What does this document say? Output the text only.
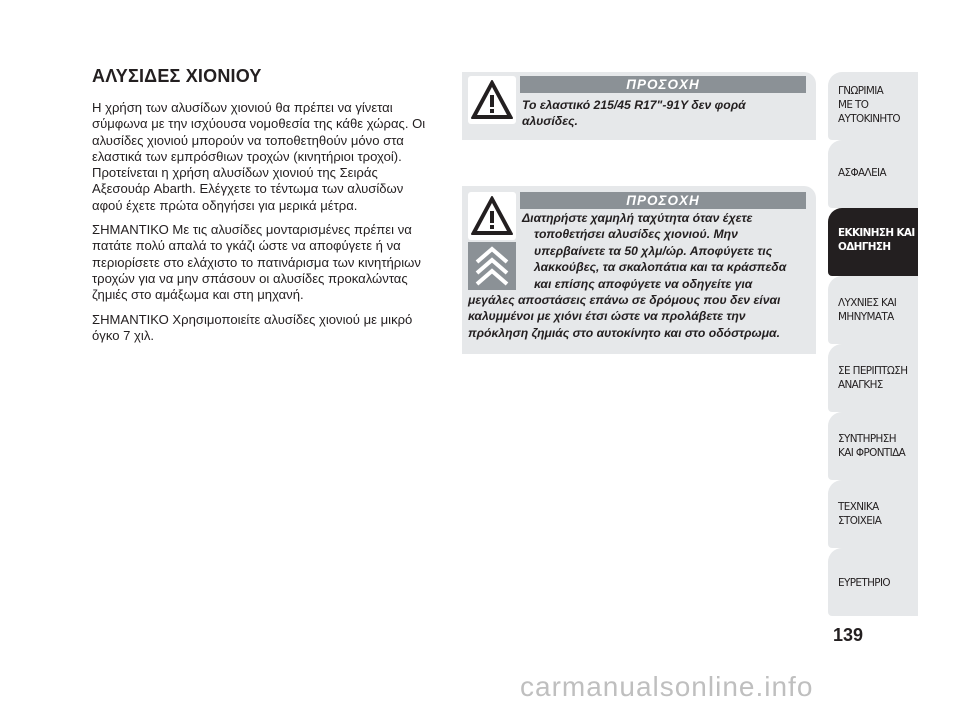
ΑΛΥΣΙΔΕΣ ΧΙΟΝΙΟΥ

Η χρήση των αλυσίδων χιονιού θα πρέπει να γίνεται σύμφωνα με την ισχύουσα νομοθεσία της κάθε χώρας. Οι αλυσίδες χιονιού μπορούν να τοποθετηθούν μόνο στα ελαστικά των εμπρόσθιων τροχών (κινητήριοι τροχοί). Προτείνεται η χρήση αλυσίδων χιονιού της Σειράς Αξεσουάρ Abarth. Ελέγχετε το τέντωμα των αλυσίδων αφού έχετε πρώτα οδηγήσει για μερικά μέτρα.

ΣΗΜΑΝΤΙΚΟ Με τις αλυσίδες μονταρισμένες πρέπει να πατάτε πολύ απαλά το γκάζι ώστε να αποφύγετε ή να περιορίσετε στο ελάχιστο το πατινάρισμα των κινητήριων τροχών για να μην σπάσουν οι αλυσίδες προκαλώντας ζημιές στο αμάξωμα και στη μηχανή.

ΣΗΜΑΝΤΙΚΟ Χρησιμοποιείτε αλυσίδες χιονιού με μικρό όγκο 7 χιλ.

ΠΡΟΣΟΧΗ
Το ελαστικό 215/45 R17"-91Y δεν φορά
αλυσίδες.
ΠΡΟΣΟΧΗ
Διατηρήστε χαμηλή ταχύτητα όταν έχετε
τοποθετήσει αλυσίδες χιονιού. Μην
υπερβαίνετε τα 50 χλμ/ώρ. Αποφύγετε τις
λακκούβες, τα σκαλοπάτια και τα κράσπεδα
και επίσης αποφύγετε να οδηγείτε για
μεγάλες αποστάσεις επάνω σε δρόμους που δεν είναι
καλυμμένοι με χιόνι έτσι ώστε να προλάβετε την
πρόκληση ζημιάς στο αυτοκίνητο και στο οδόστρωμα.
ΓΝΩΡΙΜΙΑ
ΜΕ ΤΟ
ΑΥΤΟΚΙΝΗΤΟ
ΑΣΦΑΛΕΙΑ
ΕΚΚΙΝΗΣΗ ΚΑΙ
ΟΔΗΓΗΣΗ
ΛΥΧΝΙΕΣ ΚΑΙ
ΜΗΝΥΜΑΤΑ
ΣΕ ΠΕΡΙΠΤΩΣΗ
ΑΝΑΓΚΗΣ
ΣΥΝΤΗΡΗΣΗ
ΚΑΙ ΦΡΟΝΤΙΔΑ
ΤΕΧΝΙΚΑ
ΣΤΟΙΧΕΙΑ
ΕΥΡΕΤΗΡΙΟ
139
carmanualsonline.info
